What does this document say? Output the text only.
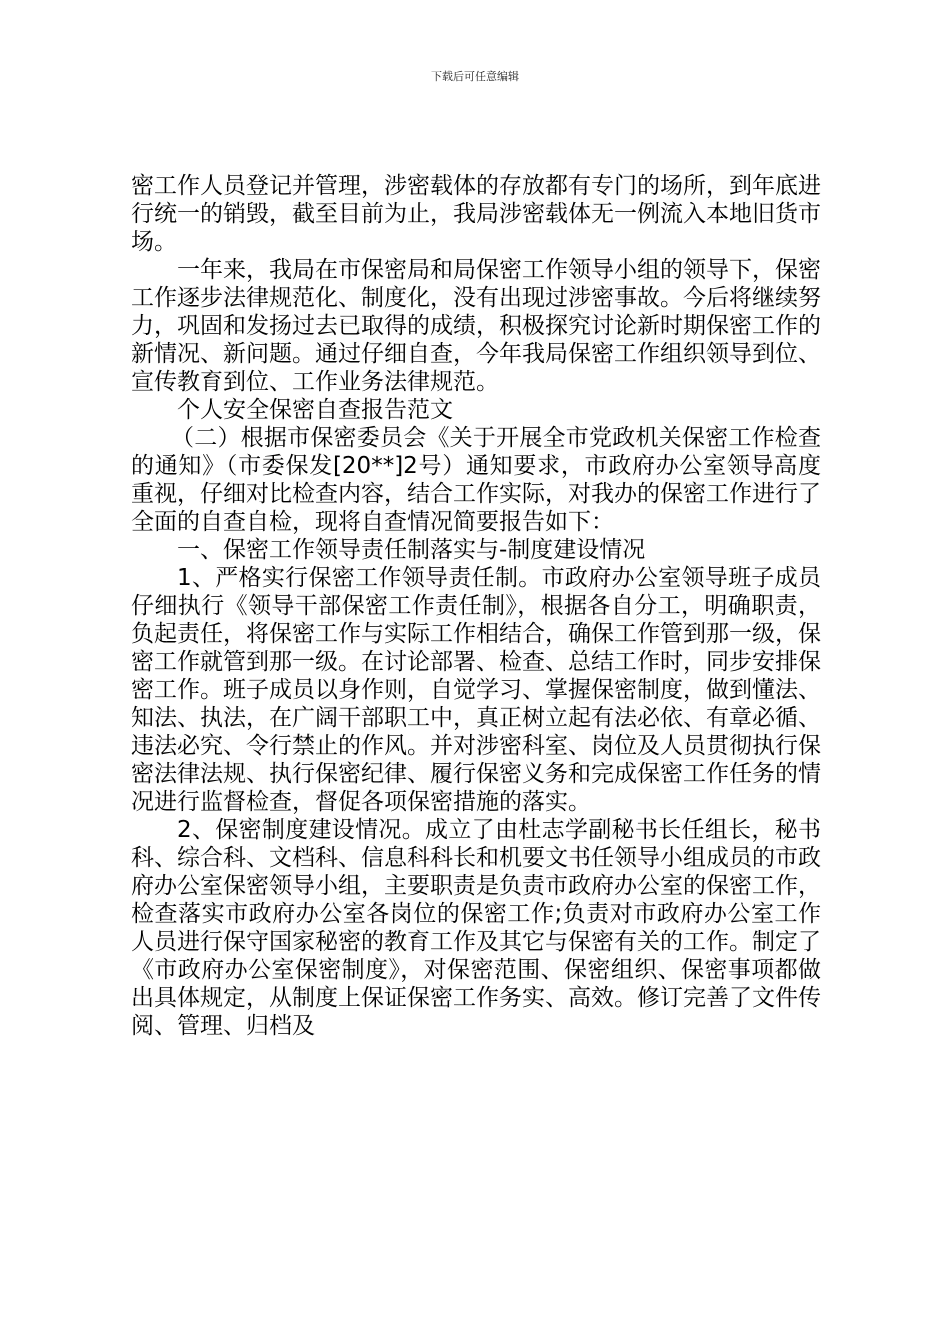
下载后可任意编辑

密工作人员登记并管理，涉密载体的存放都有专门的场所，到年底进行统一的销毁，截至目前为止，我局涉密载体无一例流入本地旧货市场。

一年来，我局在市保密局和局保密工作领导小组的领导下，保密工作逐步法律规范化、制度化，没有出现过涉密事故。今后将继续努力，巩固和发扬过去已取得的成绩，积极探究讨论新时期保密工作的新情况、新问题。通过仔细自查，今年我局保密工作组织领导到位、宣传教育到位、工作业务法律规范。

个人安全保密自查报告范文

（二）根据市保密委员会《关于开展全市党政机关保密工作检查的通知》（市委保发[20**]2号）通知要求，市政府办公室领导高度重视，仔细对比检查内容，结合工作实际，对我办的保密工作进行了全面的自查自检，现将自查情况简要报告如下：

一、保密工作领导责任制落实与-制度建设情况

1、严格实行保密工作领导责任制。市政府办公室领导班子成员仔细执行《领导干部保密工作责任制》，根据各自分工，明确职责，负起责任，将保密工作与实际工作相结合，确保工作管到那一级，保密工作就管到那一级。在讨论部署、检查、总结工作时，同步安排保密工作。班子成员以身作则，自觉学习、掌握保密制度，做到懂法、知法、执法，在广阔干部职工中，真正树立起有法必依、有章必循、违法必究、令行禁止的作风。并对涉密科室、岗位及人员贯彻执行保密法律法规、执行保密纪律、履行保密义务和完成保密工作任务的情况进行监督检查，督促各项保密措施的落实。

2、保密制度建设情况。成立了由杜志学副秘书长任组长，秘书科、综合科、文档科、信息科科长和机要文书任领导小组成员的市政府办公室保密领导小组，主要职责是负责市政府办公室的保密工作，检查落实市政府办公室各岗位的保密工作;负责对市政府办公室工作人员进行保守国家秘密的教育工作及其它与保密有关的工作。制定了《市政府办公室保密制度》，对保密范围、保密组织、保密事项都做出具体规定，从制度上保证保密工作务实、高效。修订完善了文件传阅、管理、归档及
